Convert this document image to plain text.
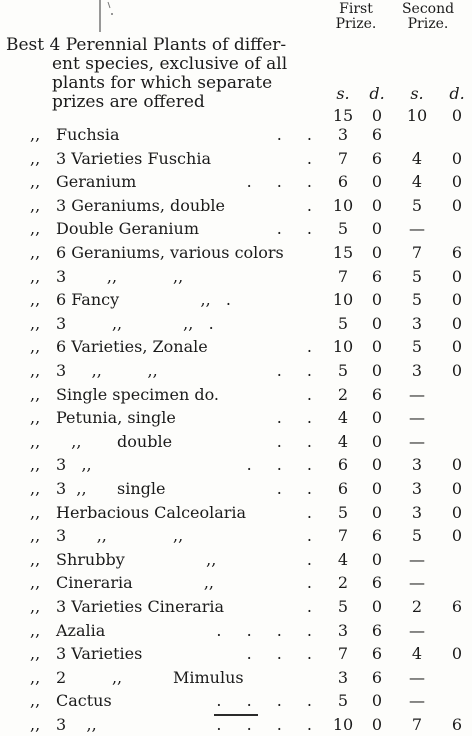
First
Prize.
Second
Prize.
Best 4 Perennial Plants of differ-
ent species, exclusive of all
plants for which separate
prizes are offered	s. d. s. d.
15	0	10	0
,, Fuchsia	3	6
. .
,, 3 Varieties Fuschia	7	6	4	0
.
,, Geranium	6	0	4	0
. . .
,, 3 Geraniums, double	10	0	5	0
.
,, Double Geranium	5	0	—
. .
,, 6 Geraniums, various colors	15	0	7	6
,, 3        ,,           ,,	7	6	5	0
,, 6 Fancy                ,,   .	10	0	5	0
,, 3         ,,            ,,   .	5	0	3	0
,, 6 Varieties, Zonale	10	0	5	0
.
,, 3     ,,         ,,	5	0	3	0
. .
,, Single specimen do.	2	6	—
.
,, Petunia, single	4	0	—
. .
,, ,,       double	4	0	—
. .
,, 3   ,,	6	0	3	0
. . .
,, 3  ,,      single	6	0	3	0
. .
,, Herbacious Calceolaria	5	0	3	0
.
,, 3      ,,             ,,	7	6	5	0
.
,, Shrubby                ,,	4	0	—
.
,, Cineraria              ,,	2	6	—
.
,, 3 Varieties Cineraria	5	0	2	6
.
,, Azalia	3	6	—
. . . .
,, 3 Varieties	7	6	4	0
. . .
,, 2         ,,          Mimulus	3	6	—
,, Cactus	5	0	—
. . . .
,, 3    ,,	10	0	7	6
. . . .
